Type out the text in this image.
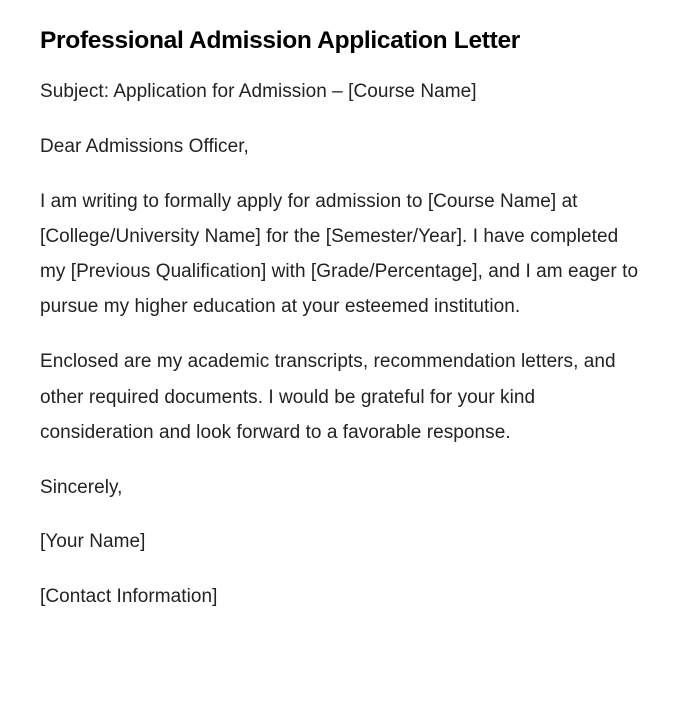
Professional Admission Application Letter

Subject: Application for Admission – [Course Name]

Dear Admissions Officer,

I am writing to formally apply for admission to [Course Name] at [College/University Name] for the [Semester/Year]. I have completed my [Previous Qualification] with [Grade/Percentage], and I am eager to pursue my higher education at your esteemed institution.

Enclosed are my academic transcripts, recommendation letters, and other required documents. I would be grateful for your kind consideration and look forward to a favorable response.

Sincerely,

[Your Name]

[Contact Information]
